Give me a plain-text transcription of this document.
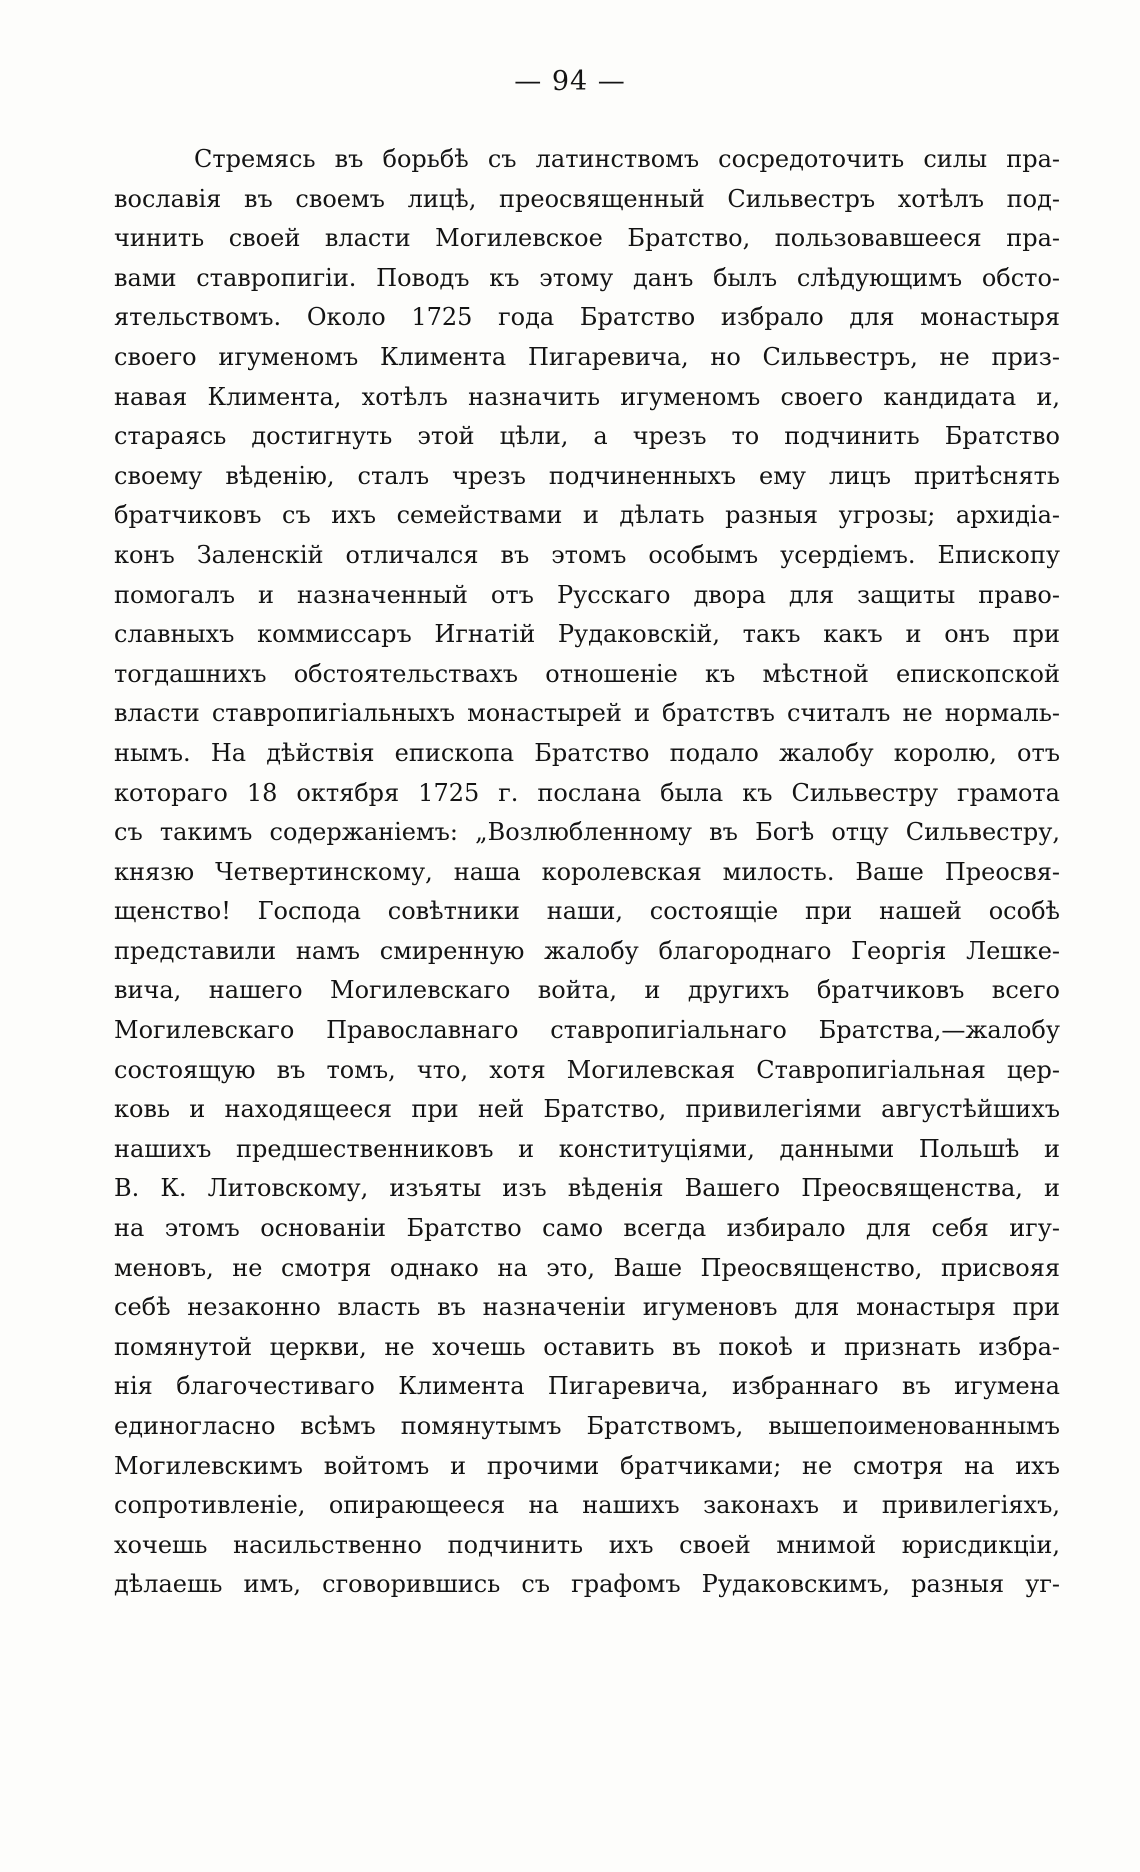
— 94 —
Стремясь въ борьбѣ съ латинствомъ сосредоточить силы пра-
вославія въ своемъ лицѣ, преосвященный Сильвестръ хотѣлъ под-
чинить своей власти Могилевское Братство, пользовавшееся пра-
вами ставропигіи. Поводъ къ этому данъ былъ слѣдующимъ обсто-
ятельствомъ. Около 1725 года Братство избрало для монастыря
своего игуменомъ Климента Пигаревича, но Сильвестръ, не приз-
навая Климента, хотѣлъ назначить игуменомъ своего кандидата и,
стараясь достигнуть этой цѣли, а чрезъ то подчинить Братство
своему вѣденію, сталъ чрезъ подчиненныхъ ему лицъ притѣснять
братчиковъ съ ихъ семействами и дѣлать разныя угрозы; архидіа-
конъ Заленскій отличался въ этомъ особымъ усердіемъ. Епископу
помогалъ и назначенный отъ Русскаго двора для защиты право-
славныхъ коммиссаръ Игнатій Рудаковскій, такъ какъ и онъ при
тогдашнихъ обстоятельствахъ отношеніе къ мѣстной епископской
власти ставропигіальныхъ монастырей и братствъ считалъ не нормаль-
нымъ. На дѣйствія епископа Братство подало жалобу королю, отъ
котораго 18 октября 1725 г. послана была къ Сильвестру грамота
съ такимъ содержаніемъ: „Возлюбленному въ Богѣ отцу Сильвестру,
князю Четвертинскому, наша королевская милость. Ваше Преосвя-
щенство! Господа совѣтники наши, состоящіе при нашей особѣ
представили намъ смиренную жалобу благороднаго Георгія Лешке-
вича, нашего Могилевскаго войта, и другихъ братчиковъ всего
Могилевскаго Православнаго ставропигіальнаго Братства,—жалобу
состоящую въ томъ, что, хотя Могилевская Ставропигіальная цер-
ковь и находящееся при ней Братство, привилегіями августѣйшихъ
нашихъ предшественниковъ и конституціями, данными Польшѣ и
В. К. Литовскому, изъяты изъ вѣденія Вашего Преосвященства, и
на этомъ основаніи Братство само всегда избирало для себя игу-
меновъ, не смотря однако на это, Ваше Преосвященство, присвояя
себѣ незаконно власть въ назначеніи игуменовъ для монастыря при
помянутой церкви, не хочешь оставить въ покоѣ и признать избра-
нія благочестиваго Климента Пигаревича, избраннаго въ игумена
единогласно всѣмъ помянутымъ Братствомъ, вышепоименованнымъ
Могилевскимъ войтомъ и прочими братчиками; не смотря на ихъ
сопротивленіе, опирающееся на нашихъ законахъ и привилегіяхъ,
хочешь насильственно подчинить ихъ своей мнимой юрисдикціи,
дѣлаешь имъ, сговорившись съ графомъ Рудаковскимъ, разныя уг-
